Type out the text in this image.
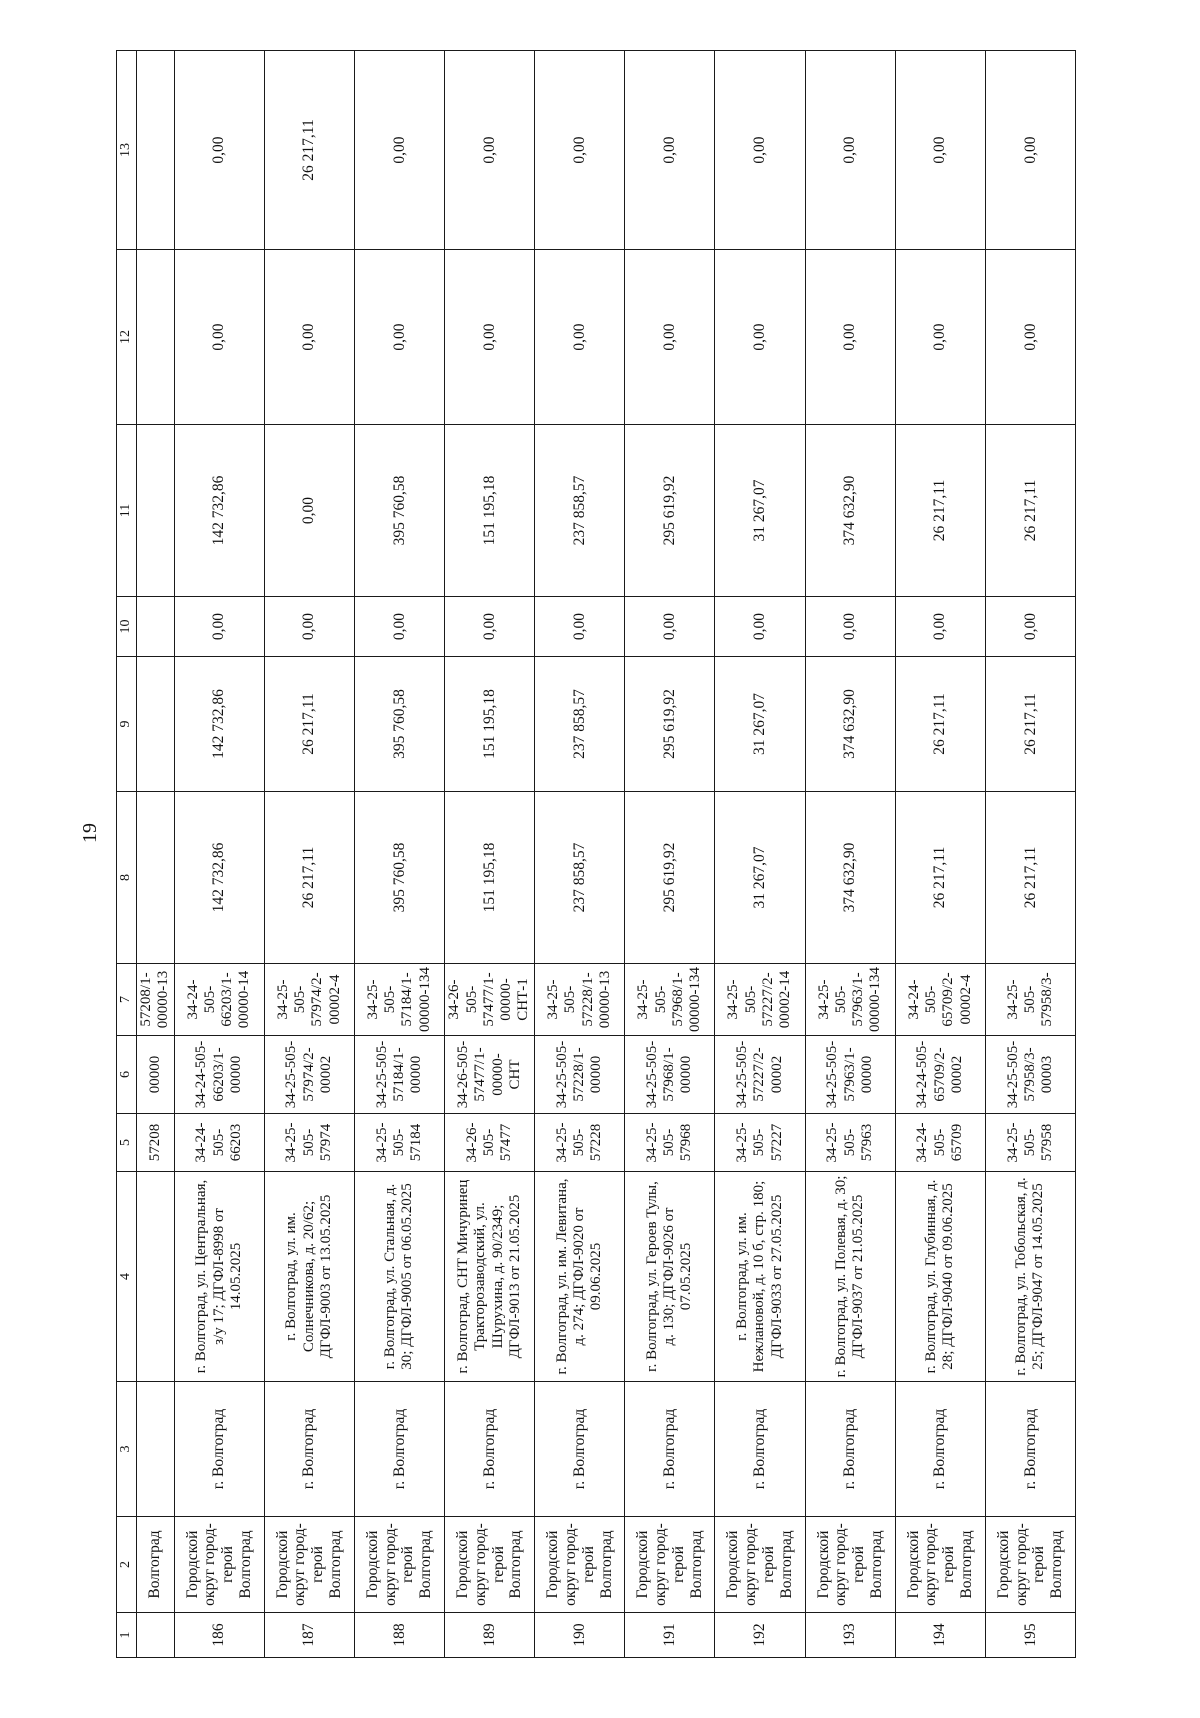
19
1	2	3	4	5	6	7	8	9	10	11	12	13
	Волгоград			57208	00000	57208/1-00000-13						
186	Городской округ город-герой Волгоград	г. Волгоград	г. Волгоград, ул. Центральная, з/у 17; ДГФЛ-8998 от 14.05.2025	34-24-505-66203	34-24-505-66203/1-00000	34-24-505-66203/1-00000-14	142 732,86	142 732,86	0,00	142 732,86	0,00	0,00
187	Городской округ город-герой Волгоград	г. Волгоград	г. Волгоград, ул. им. Солнечникова, д. 20/62; ДГФЛ-9003 от 13.05.2025	34-25-505-57974	34-25-505-57974/2-00002	34-25-505-57974/2-00002-4	26 217,11	26 217,11	0,00	0,00	0,00	26 217,11
188	Городской округ город-герой Волгоград	г. Волгоград	г. Волгоград, ул. Стальная, д. 30; ДГФЛ-9005 от 06.05.2025	34-25-505-57184	34-25-505-57184/1-00000	34-25-505-57184/1-00000-134	395 760,58	395 760,58	0,00	395 760,58	0,00	0,00
189	Городской округ город-герой Волгоград	г. Волгоград	г. Волгоград, СНТ Мичуринец Тракторозаводский, ул. Шурухина, д. 90/2349; ДГФЛ-9013 от 21.05.2025	34-26-505-57477	34-26-505-57477/1-00000-СНТ	34-26-505-57477/1-00000-СНТ-1	151 195,18	151 195,18	0,00	151 195,18	0,00	0,00
190	Городской округ город-герой Волгоград	г. Волгоград	г. Волгоград, ул. им. Левитана, д. 274; ДГФЛ-9020 от 09.06.2025	34-25-505-57228	34-25-505-57228/1-00000	34-25-505-57228/1-00000-13	237 858,57	237 858,57	0,00	237 858,57	0,00	0,00
191	Городской округ город-герой Волгоград	г. Волгоград	г. Волгоград, ул. Героев Тулы, д. 130; ДГФЛ-9026 от 07.05.2025	34-25-505-57968	34-25-505-57968/1-00000	34-25-505-57968/1-00000-134	295 619,92	295 619,92	0,00	295 619,92	0,00	0,00
192	Городской округ город-герой Волгоград	г. Волгоград	г. Волгоград, ул. им. Нежлановой, д. 10 б, стр. 180; ДГФЛ-9033 от 27.05.2025	34-25-505-57227	34-25-505-57227/2-00002	34-25-505-57227/2-00002-14	31 267,07	31 267,07	0,00	31 267,07	0,00	0,00
193	Городской округ город-герой Волгоград	г. Волгоград	г. Волгоград, ул. Полевая, д. 30; ДГФЛ-9037 от 21.05.2025	34-25-505-57963	34-25-505-57963/1-00000	34-25-505-57963/1-00000-134	374 632,90	374 632,90	0,00	374 632,90	0,00	0,00
194	Городской округ город-герой Волгоград	г. Волгоград	г. Волгоград, ул. Глубинная, д. 28; ДГФЛ-9040 от 09.06.2025	34-24-505-65709	34-24-505-65709/2-00002	34-24-505-65709/2-00002-4	26 217,11	26 217,11	0,00	26 217,11	0,00	0,00
195	Городской округ город-герой Волгоград	г. Волгоград	г. Волгоград, ул. Тобольская, д. 25; ДГФЛ-9047 от 14.05.2025	34-25-505-57958	34-25-505-57958/3-00003	34-25-505-57958/3-	26 217,11	26 217,11	0,00	26 217,11	0,00	0,00
